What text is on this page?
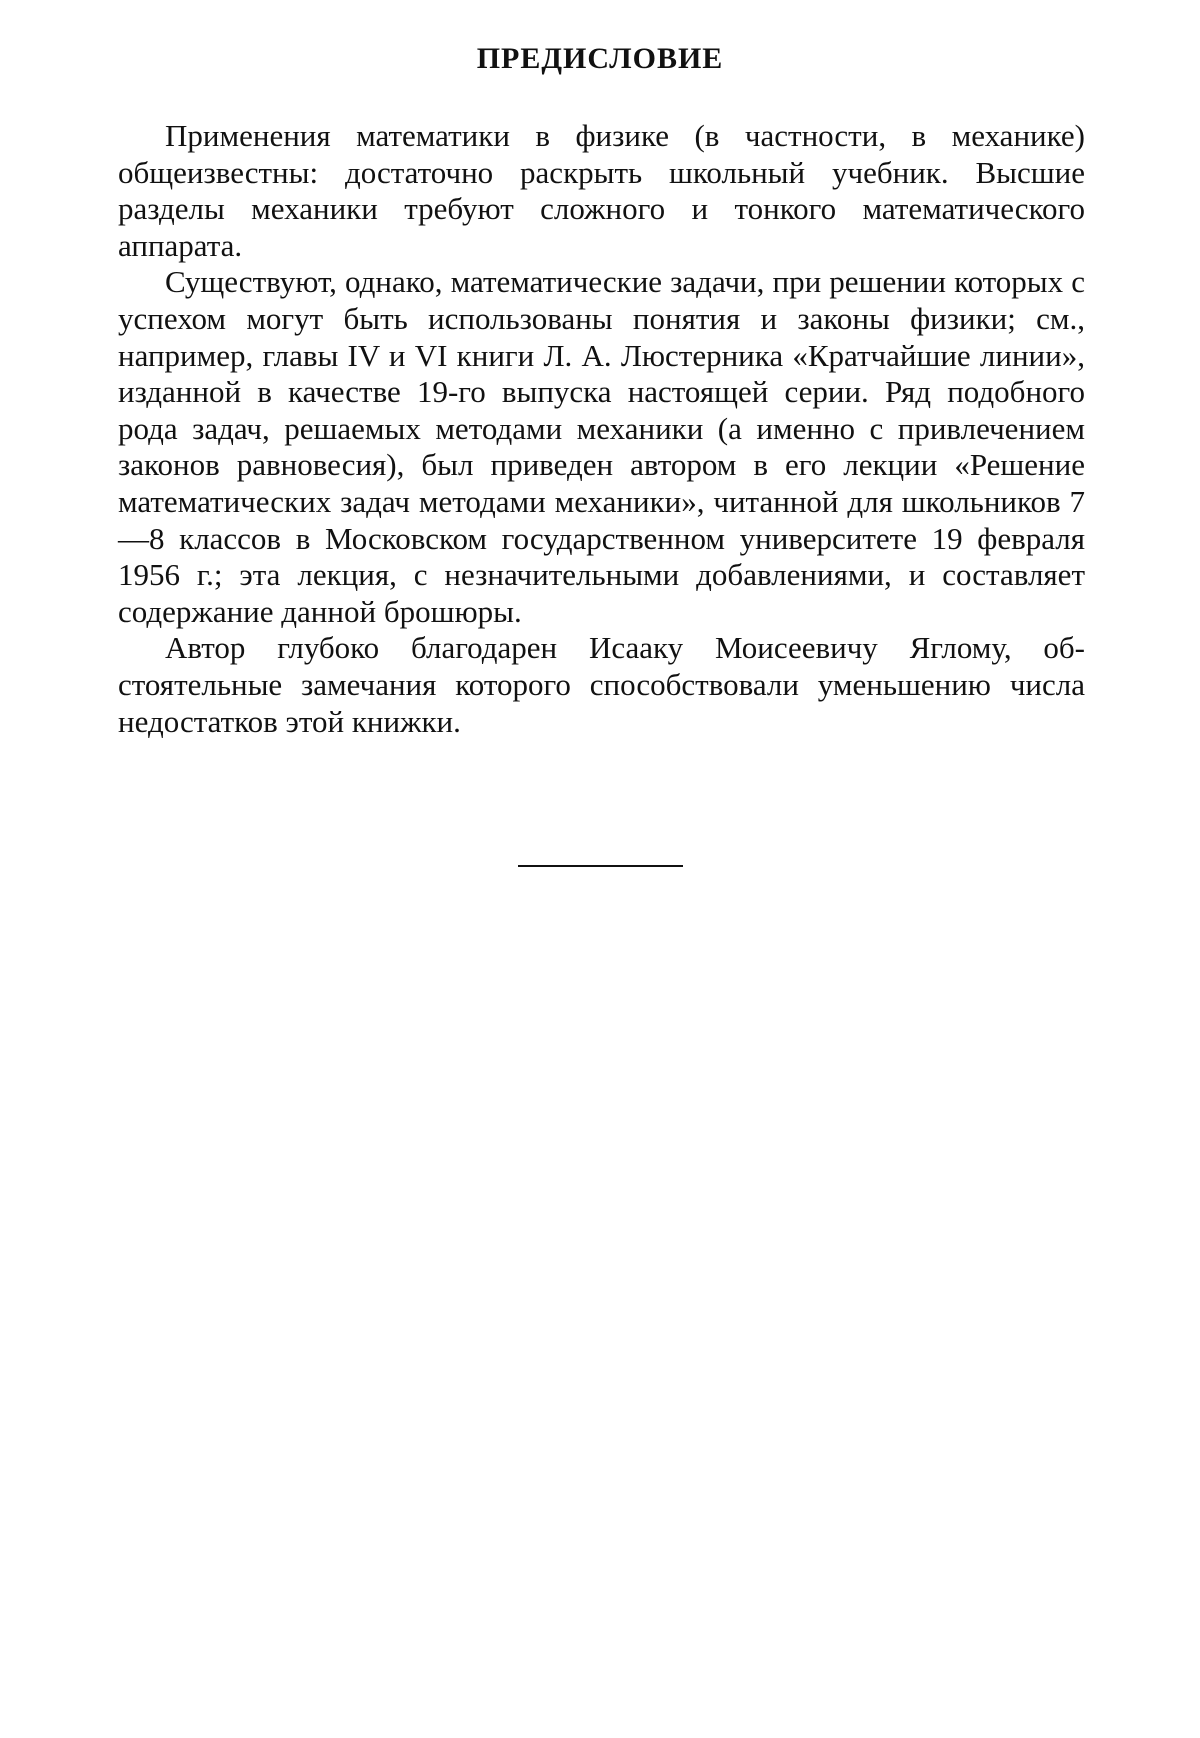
ПРЕДИСЛОВИЕ

Применения математики в физике (в частности, в механике) общеизвестны: достаточно раскрыть школьный учебник. Высшие разделы механики требуют сложного и тонкого математического аппарата.

Существуют, однако, математические задачи, при решении которых с успехом могут быть использованы понятия и законы физики; см., например, главы IV и VI книги Л. А. Люстерника «Кратчайшие линии», изданной в качестве 19-го выпуска настоящей серии. Ряд подобного рода задач, решаемых методами механики (а именно с привлечением законов равновесия), был приведен автором в его лекции «Решение математических задач методами механики», читанной для школьников 7—8 классов в Московском государственном университете 19 февраля 1956 г.; эта лекция, с незначительными добавлениями, и составляет содержание данной брошюры.

Автор глубоко благодарен Исааку Моисеевичу Яглому, обстоятельные замечания которого способствовали уменьшению числа недостатков этой книжки.
